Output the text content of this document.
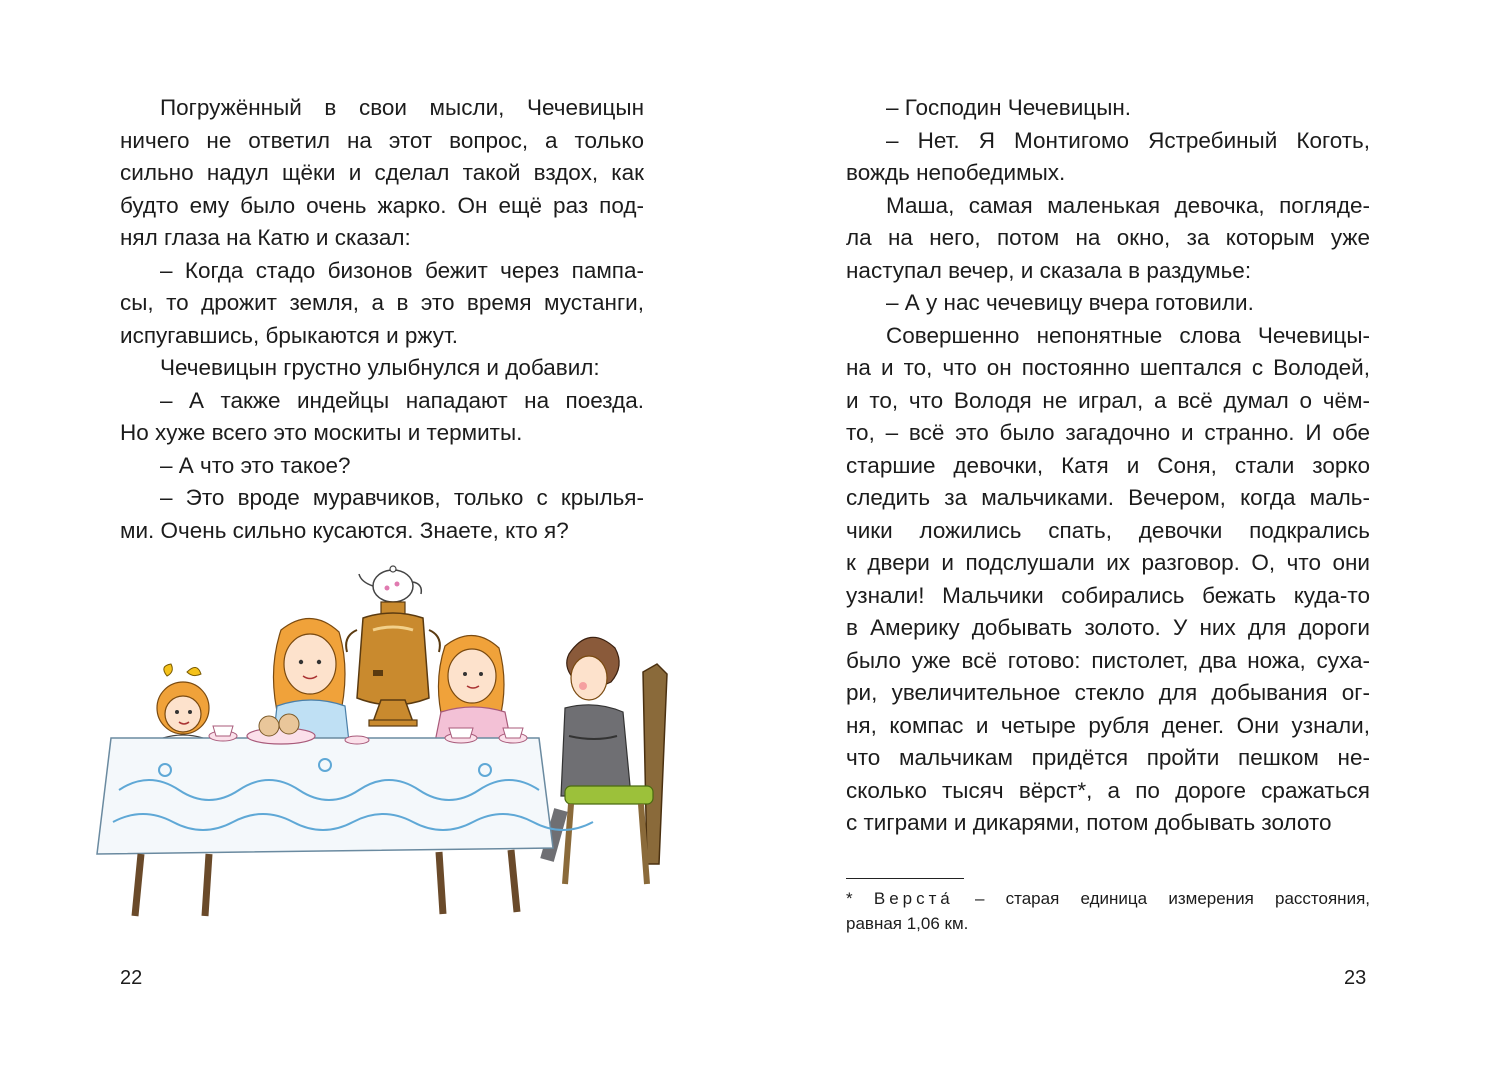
Погружённый в свои мысли, Чечевицын
ничего не ответил на этот вопрос, а только
сильно надул щёки и сделал такой вздох, как
будто ему было очень жарко. Он ещё раз под-
нял глаза на Катю и сказал:
– Когда стадо бизонов бежит через пампа-
сы, то дрожит земля, а в это время мустанги,
испугавшись, брыкаются и ржут.
Чечевицын грустно улыбнулся и добавил:
– А также индейцы нападают на поезда.
Но хуже всего это москиты и термиты.
– А что это такое?
– Это вроде муравчиков, только с крылья-
ми. Очень сильно кусаются. Знаете, кто я?
22
– Господин Чечевицын.
– Нет. Я Монтигомо Ястребиный Коготь,
вождь непобедимых.
Маша, самая маленькая девочка, погляде-
ла на него, потом на окно, за которым уже
наступал вечер, и сказала в раздумье:
– А у нас чечевицу вчера готовили.
Совершенно непонятные слова Чечевицы-
на и то, что он постоянно шептался с Володей,
и то, что Володя не играл, а всё думал о чём-
то, – всё это было загадочно и странно. И обе
старшие девочки, Катя и Соня, стали зорко
следить за мальчиками. Вечером, когда маль-
чики ложились спать, девочки подкрались
к двери и подслушали их разговор. О, что они
узнали! Мальчики собирались бежать куда-то
в Америку добывать золото. У них для дороги
было уже всё готово: пистолет, два ножа, суха-
ри, увеличительное стекло для добывания ог-
ня, компас и четыре рубля денег. Они узнали,
что мальчикам придётся пройти пешком не-
сколько тысяч вёрст*, а по дороге сражаться
с тиграми и дикарями, потом добывать золото
* Верста́ – старая единица измерения расстояния,
равная 1,06 км.
23
